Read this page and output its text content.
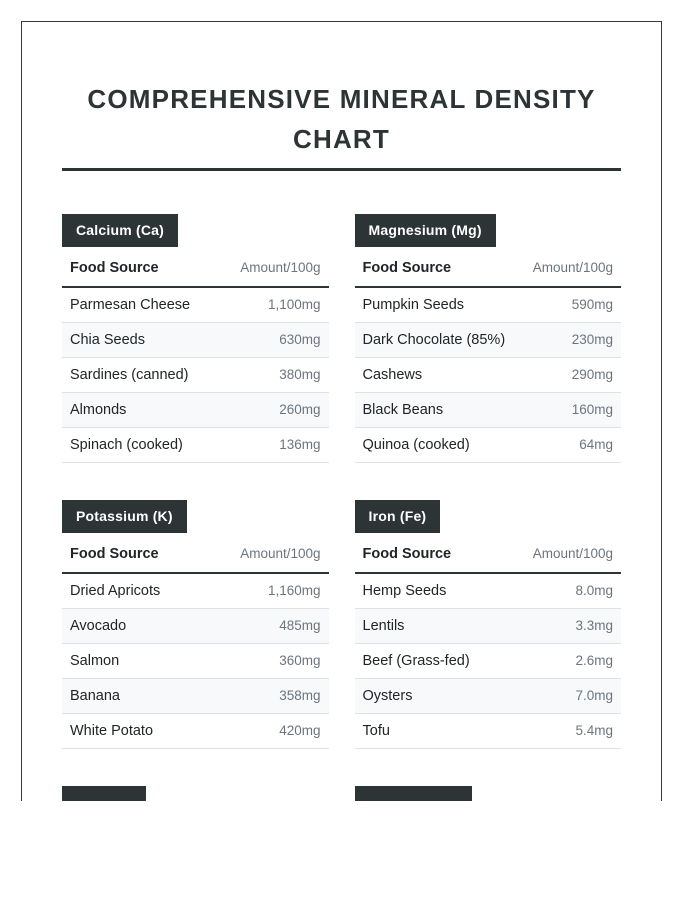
COMPREHENSIVE MINERAL DENSITY CHART
Calcium (Ca)
Food Source	Amount/100g
Parmesan Cheese	1,100mg
Chia Seeds	630mg
Sardines (canned)	380mg
Almonds	260mg
Spinach (cooked)	136mg
Magnesium (Mg)
Food Source	Amount/100g
Pumpkin Seeds	590mg
Dark Chocolate (85%)	230mg
Cashews	290mg
Black Beans	160mg
Quinoa (cooked)	64mg
Potassium (K)
Food Source	Amount/100g
Dried Apricots	1,160mg
Avocado	485mg
Salmon	360mg
Banana	358mg
White Potato	420mg
Iron (Fe)
Food Source	Amount/100g
Hemp Seeds	8.0mg
Lentils	3.3mg
Beef (Grass-fed)	2.6mg
Oysters	7.0mg
Tofu	5.4mg
